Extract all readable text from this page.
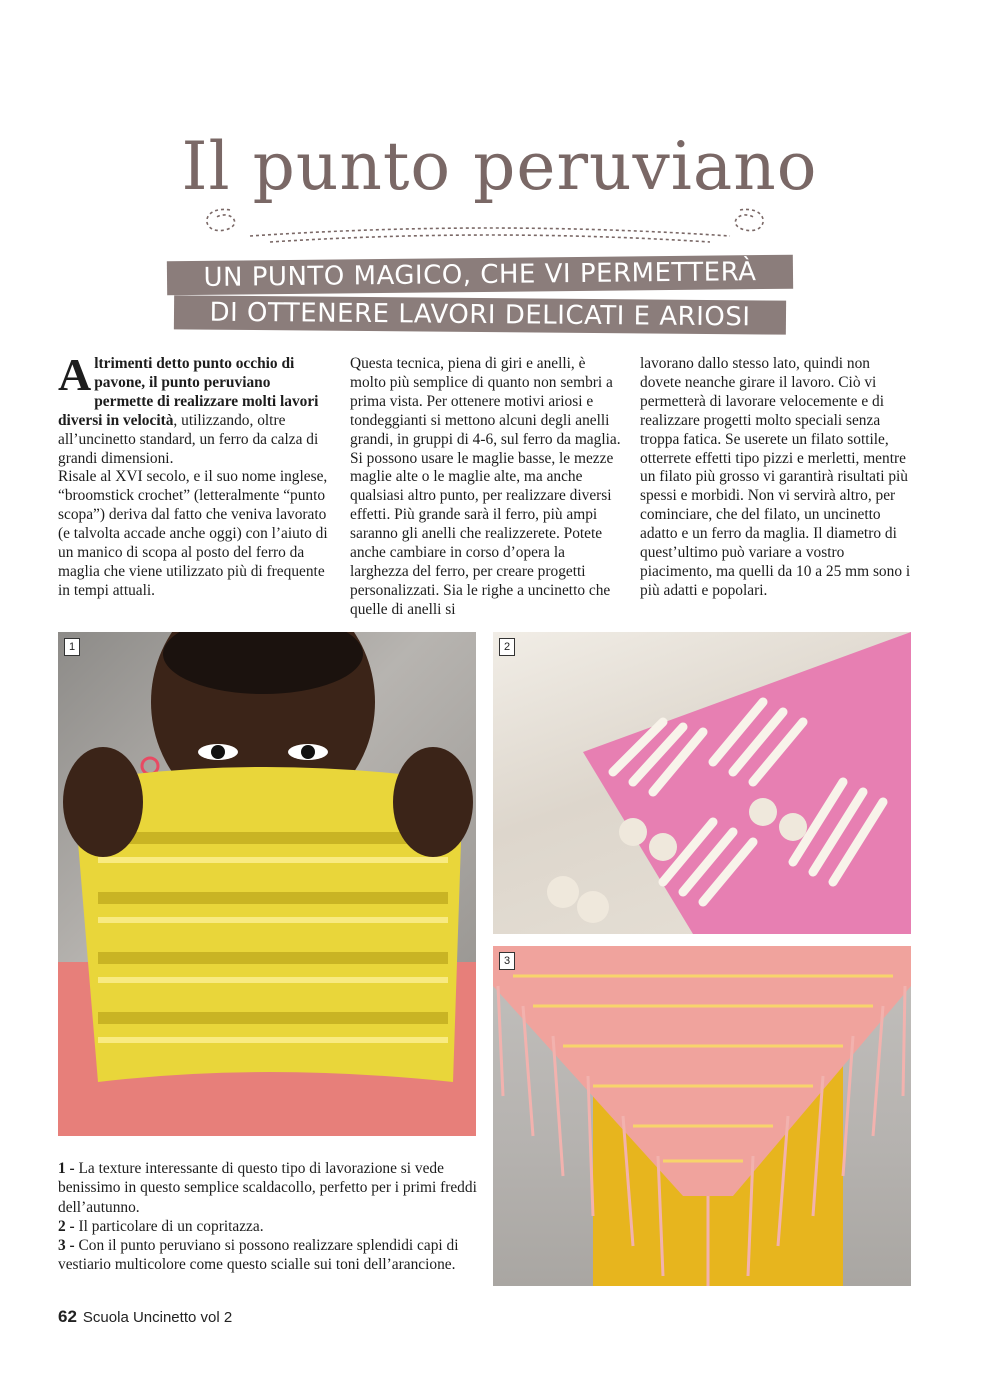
Il punto peruviano
UN PUNTO MAGICO, CHE VI PERMETTERÀ
DI OTTENERE LAVORI DELICATI E ARIOSI

Altrimenti detto punto occhio di pavone, il punto peruviano permette di realizzare molti lavori diversi in velocità, utilizzando, oltre all’uncinetto standard, un ferro da calza di grandi dimensioni.

Risale al XVI secolo, e il suo nome inglese, “broomstick crochet” (letteralmente “punto scopa”) deriva dal fatto che veniva lavorato (e talvolta accade anche oggi) con l’aiuto di un manico di scopa al posto del ferro da maglia che viene utilizzato più di frequente in tempi attuali.

Questa tecnica, piena di giri e anelli, è molto più semplice di quanto non sembri a prima vista. Per ottenere motivi ariosi e tondeggianti si mettono alcuni degli anelli grandi, in gruppi di 4-6, sul ferro da maglia. Si possono usare le maglie basse, le mezze maglie alte o le maglie alte, ma anche qualsiasi altro punto, per realizzare diversi effetti. Più grande sarà il ferro, più ampi saranno gli anelli che realizzerete. Potete anche cambiare in corso d’opera la larghezza del ferro, per creare progetti personalizzati. Sia le righe a uncinetto che quelle di anelli si

lavorano dallo stesso lato, quindi non dovete neanche girare il lavoro. Ciò vi permetterà di lavorare velocemente e di realizzare progetti molto speciali senza troppa fatica. Se userete un filato sottile, otterrete effetti tipo pizzi e merletti, mentre un filato più grosso vi garantirà risultati più spessi e morbidi. Non vi servirà altro, per cominciare, che del filato, un uncinetto adatto e un ferro da maglia. Il diametro di quest’ultimo può variare a vostro piacimento, ma quelli da 10 a 25 mm sono i più adatti e popolari.

1	2
3

1 - La texture interessante di questo tipo di lavorazione si vede benissimo in questo semplice scaldacollo, perfetto per i primi freddi dell’autunno.

2 - Il particolare di un copritazza.

3 - Con il punto peruviano si possono realizzare splendidi capi di vestiario multicolore come questo scialle sui toni dell’arancione.

62 Scuola Uncinetto vol 2
